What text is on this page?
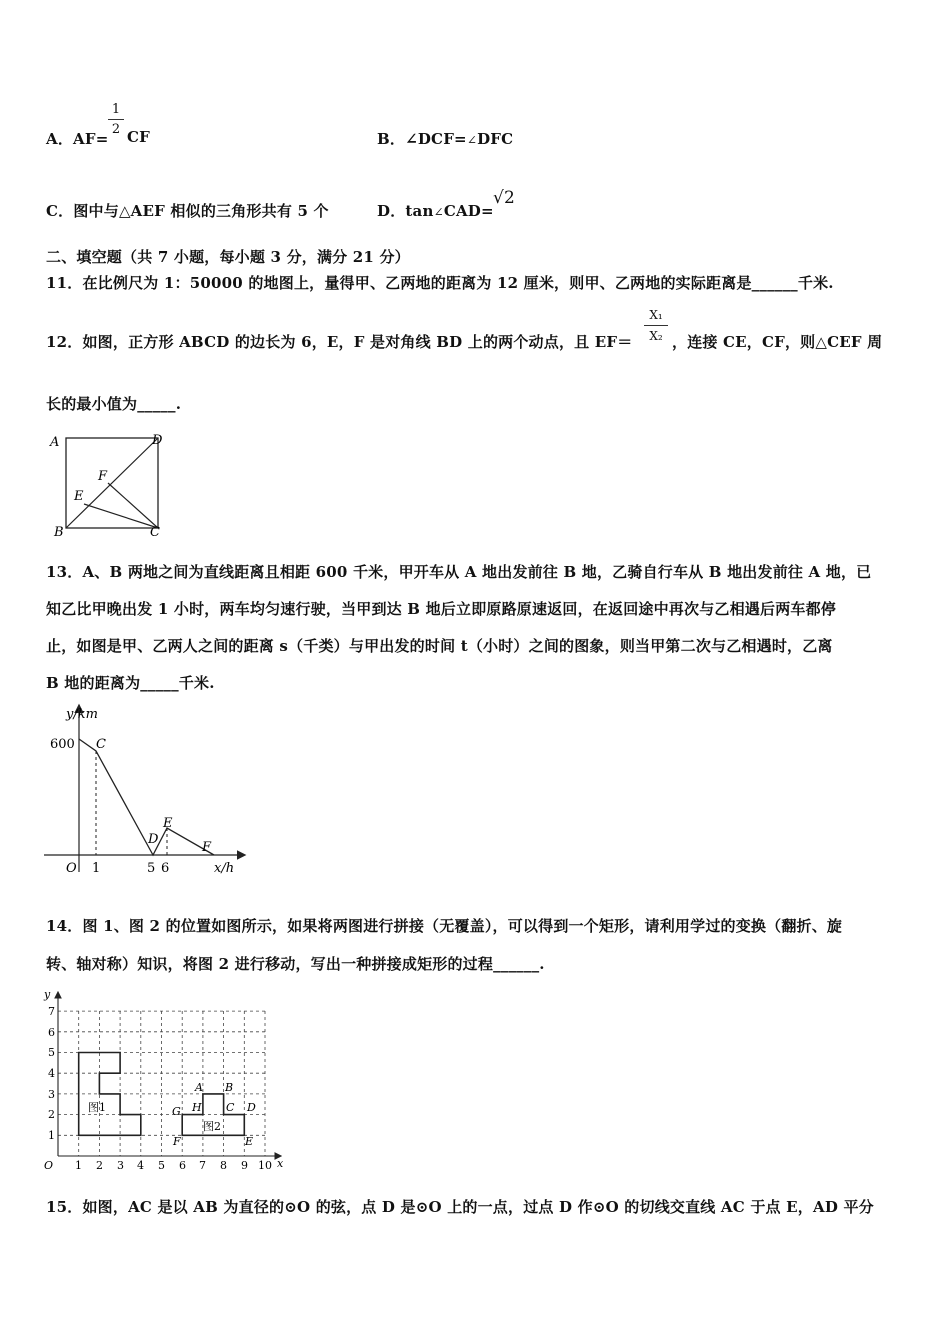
A．AF=
1
2 CF	B．∠DCF=∠DFC
C．图中与△AEF 相似的三角形共有 5 个	D．tan∠CAD=
√2
二、填空题（共 7 小题，每小题 3 分，满分 21 分）
11．在比例尺为 1：50000 的地图上，量得甲、乙两地的距离为 12 厘米，则甲、乙两地的实际距离是______千米.
12．如图，正方形 ABCD 的边长为 6，E，F 是对角线 BD 上的两个动点，且 EF＝
X₁
X₂ ，连接 CE，CF，则△CEF 周
长的最小值为_____.
A	D
B	C
E
F
13．A、B 两地之间为直线距离且相距 600 千米，甲开车从 A 地出发前往 B 地，乙骑自行车从 B 地出发前往 A 地，已
知乙比甲晚出发 1 小时，两车均匀速行驶，当甲到达 B 地后立即原路原速返回，在返回途中再次与乙相遇后两车都停
止，如图是甲、乙两人之间的距离 s（千类）与甲出发的时间 t（小时）之间的图象，则当甲第二次与乙相遇时，乙离
B 地的距离为_____千米.
y/km
x/h
O
600
1	5 6
C
D
E
F
14．图 1、图 2 的位置如图所示，如果将两图进行拼接（无覆盖），可以得到一个矩形，请利用学过的变换（翻折、旋
转、轴对称）知识，将图 2 进行移动，写出一种拼接成矩形的过程______.
y
x
O 1 2 3 4 5 6 7 8 9 10
1
2
3
4
5
6
7
图1
图2
A B
C D
E
F
G H
15．如图，AC 是以 AB 为直径的⊙O 的弦，点 D 是⊙O 上的一点，过点 D 作⊙O 的切线交直线 AC 于点 E，AD 平分
